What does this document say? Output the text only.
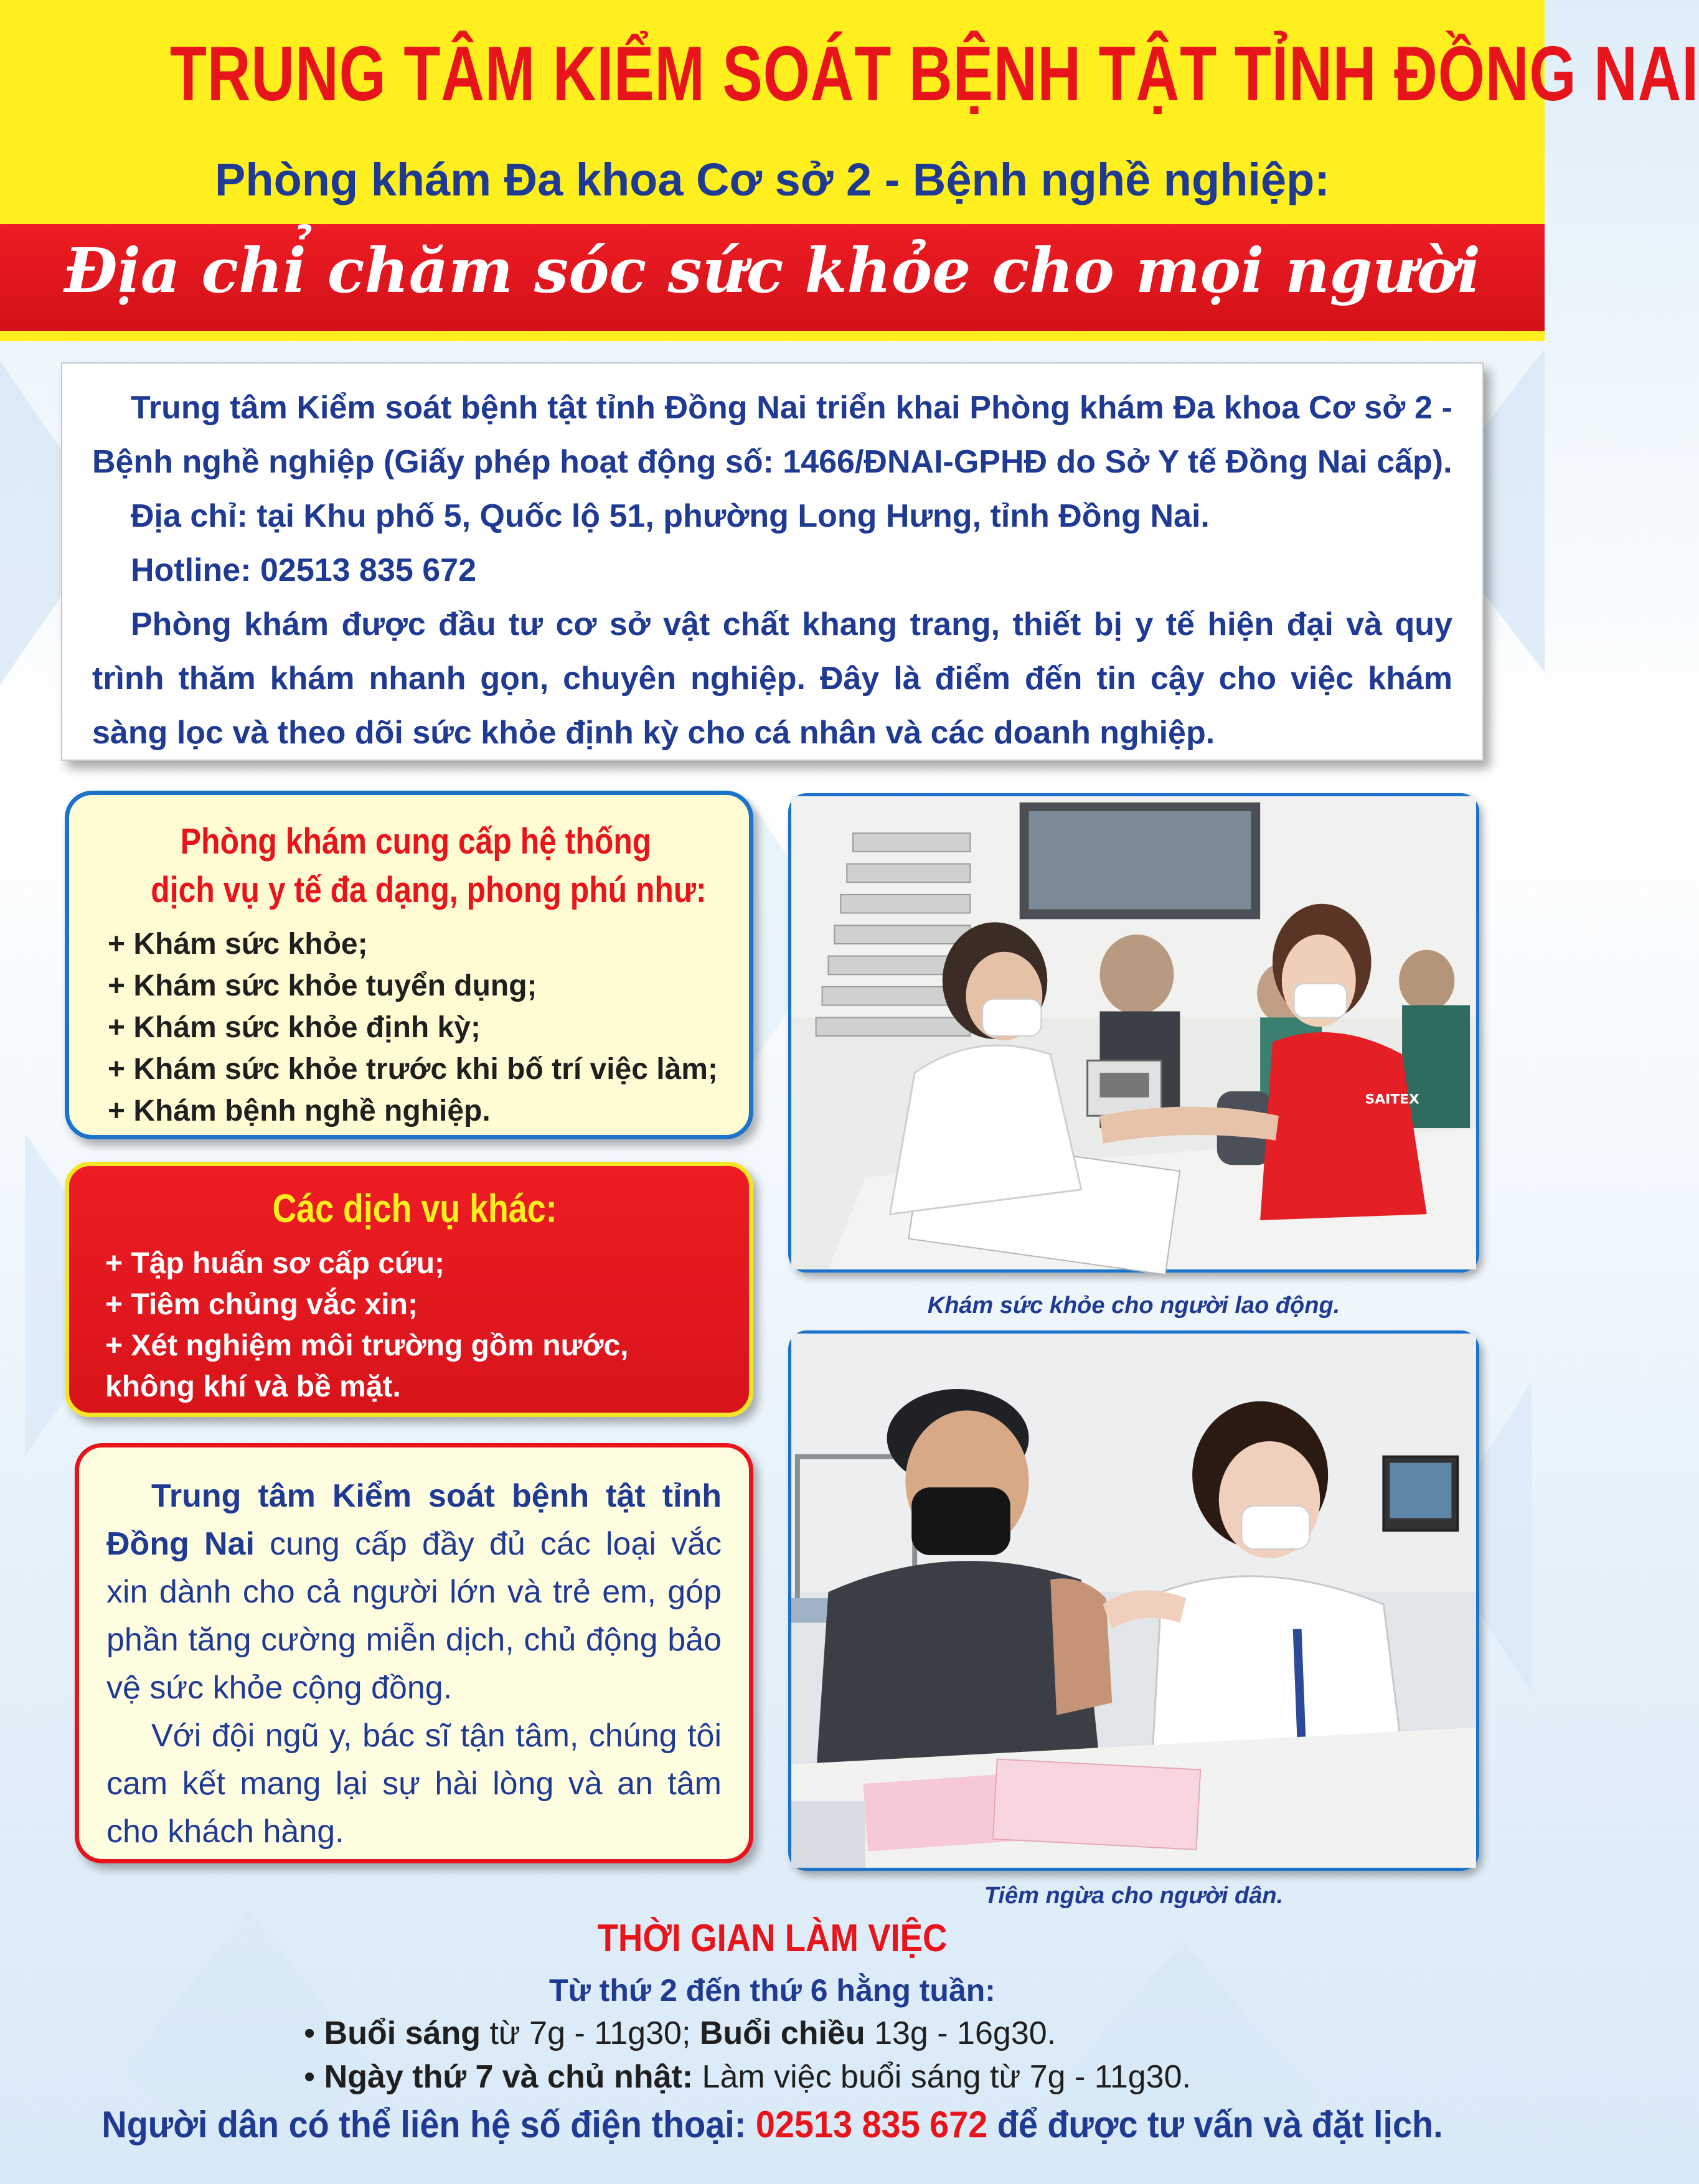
TRUNG TÂM KIỂM SOÁT BỆNH TẬT TỈNH ĐỒNG NAI
Phòng khám Đa khoa Cơ sở 2 - Bệnh nghề nghiệp:
Địa chỉ chăm sóc sức khỏe cho mọi người

Trung tâm Kiểm soát bệnh tật tỉnh Đồng Nai triển khai Phòng khám Đa khoa Cơ sở 2 - Bệnh nghề nghiệp (Giấy phép hoạt động số: 1466/ĐNAI-GPHĐ do Sở Y tế Đồng Nai cấp).

Địa chỉ: tại Khu phố 5, Quốc lộ 51, phường Long Hưng, tỉnh Đồng Nai.

Hotline: 02513 835 672

Phòng khám được đầu tư cơ sở vật chất khang trang, thiết bị y tế hiện đại và quy trình thăm khám nhanh gọn, chuyên nghiệp. Đây là điểm đến tin cậy cho việc khám sàng lọc và theo dõi sức khỏe định kỳ cho cá nhân và các doanh nghiệp.

Phòng khám cung cấp hệ thống
dịch vụ y tế đa dạng, phong phú như:
+ Khám sức khỏe;
+ Khám sức khỏe tuyển dụng;
+ Khám sức khỏe định kỳ;
+ Khám sức khỏe trước khi bố trí việc làm;
+ Khám bệnh nghề nghiệp.
Các dịch vụ khác:
+ Tập huấn sơ cấp cứu;
+ Tiêm chủng vắc xin;
+ Xét nghiệm môi trường gồm nước,
không khí và bề mặt.

Trung tâm Kiểm soát bệnh tật tỉnh Đồng Nai cung cấp đầy đủ các loại vắc xin dành cho cả người lớn và trẻ em, góp phần tăng cường miễn dịch, chủ động bảo vệ sức khỏe cộng đồng.

Với đội ngũ y, bác sĩ tận tâm, chúng tôi cam kết mang lại sự hài lòng và an tâm cho khách hàng.

SAITEX
Khám sức khỏe cho người lao động.
Tiêm ngừa cho người dân.
THỜI GIAN LÀM VIỆC
Từ thứ 2 đến thứ 6 hằng tuần:
• Buổi sáng từ 7g - 11g30; Buổi chiều 13g - 16g30.
• Ngày thứ 7 và chủ nhật: Làm việc buổi sáng từ 7g - 11g30.
Người dân có thể liên hệ số điện thoại: 02513 835 672 để được tư vấn và đặt lịch.
